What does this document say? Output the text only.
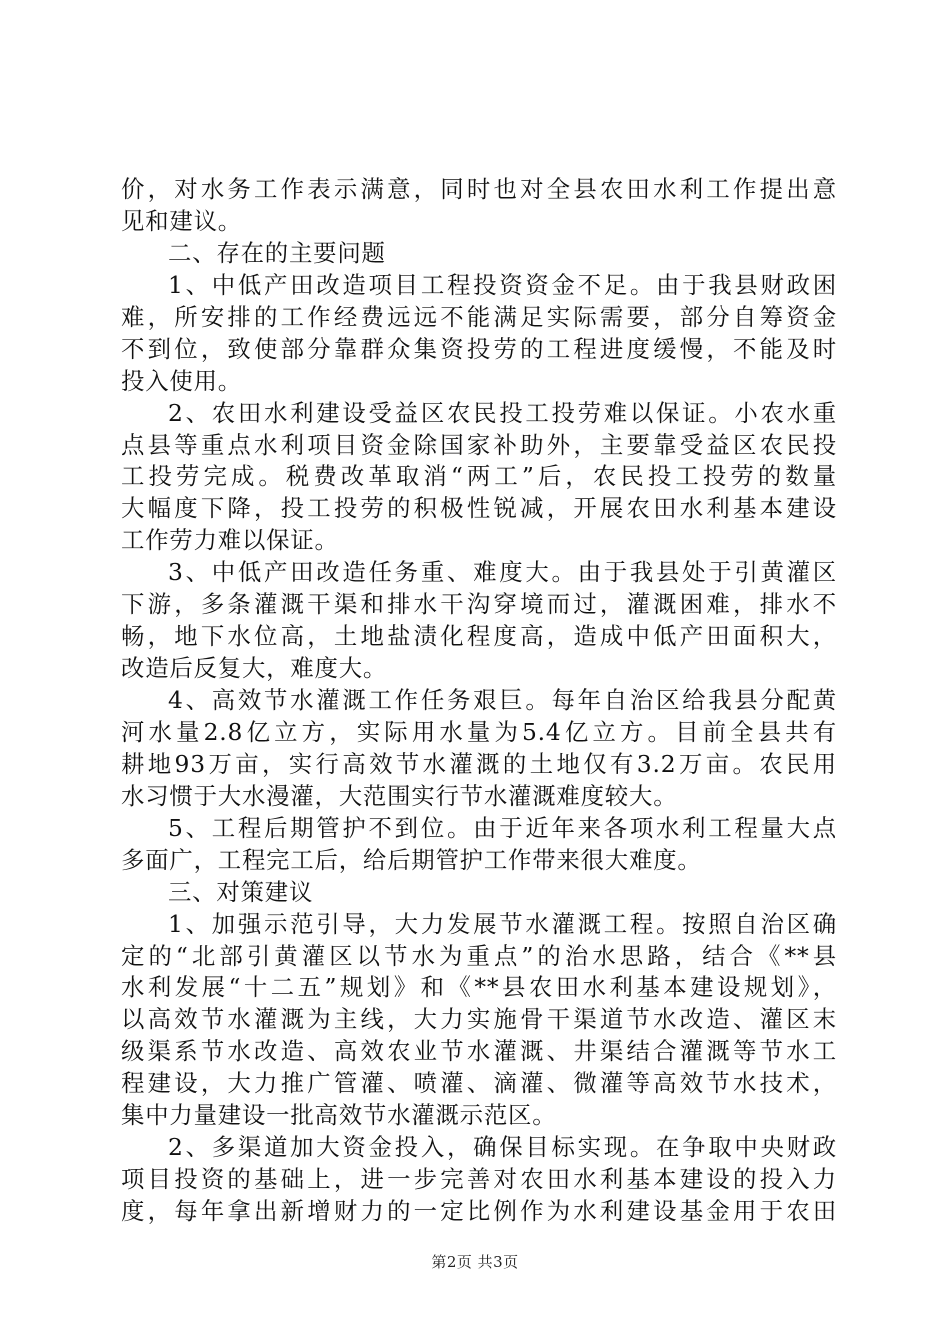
价，对水务工作表示满意，同时也对全县农田水利工作提出意
见和建议。
二、存在的主要问题
1、中低产田改造项目工程投资资金不足。由于我县财政困
难，所安排的工作经费远远不能满足实际需要，部分自筹资金
不到位，致使部分靠群众集资投劳的工程进度缓慢，不能及时
投入使用。
2、农田水利建设受益区农民投工投劳难以保证。小农水重
点县等重点水利项目资金除国家补助外，主要靠受益区农民投
工投劳完成。税费改革取消“两工”后，农民投工投劳的数量
大幅度下降，投工投劳的积极性锐减，开展农田水利基本建设
工作劳力难以保证。
3、中低产田改造任务重、难度大。由于我县处于引黄灌区
下游，多条灌溉干渠和排水干沟穿境而过，灌溉困难，排水不
畅，地下水位高，土地盐渍化程度高，造成中低产田面积大，
改造后反复大，难度大。
4、高效节水灌溉工作任务艰巨。每年自治区给我县分配黄
河水量2.8亿立方，实际用水量为5.4亿立方。目前全县共有
耕地93万亩，实行高效节水灌溉的土地仅有3.2万亩。农民用
水习惯于大水漫灌，大范围实行节水灌溉难度较大。
5、工程后期管护不到位。由于近年来各项水利工程量大点
多面广，工程完工后，给后期管护工作带来很大难度。
三、对策建议
1、加强示范引导，大力发展节水灌溉工程。按照自治区确
定的“北部引黄灌区以节水为重点”的治水思路，结合《**县
水利发展“十二五”规划》和《**县农田水利基本建设规划》，
以高效节水灌溉为主线，大力实施骨干渠道节水改造、灌区末
级渠系节水改造、高效农业节水灌溉、井渠结合灌溉等节水工
程建设，大力推广管灌、喷灌、滴灌、微灌等高效节水技术，
集中力量建设一批高效节水灌溉示范区。
2、多渠道加大资金投入，确保目标实现。在争取中央财政
项目投资的基础上，进一步完善对农田水利基本建设的投入力
度，每年拿出新增财力的一定比例作为水利建设基金用于农田
第2页 共3页
